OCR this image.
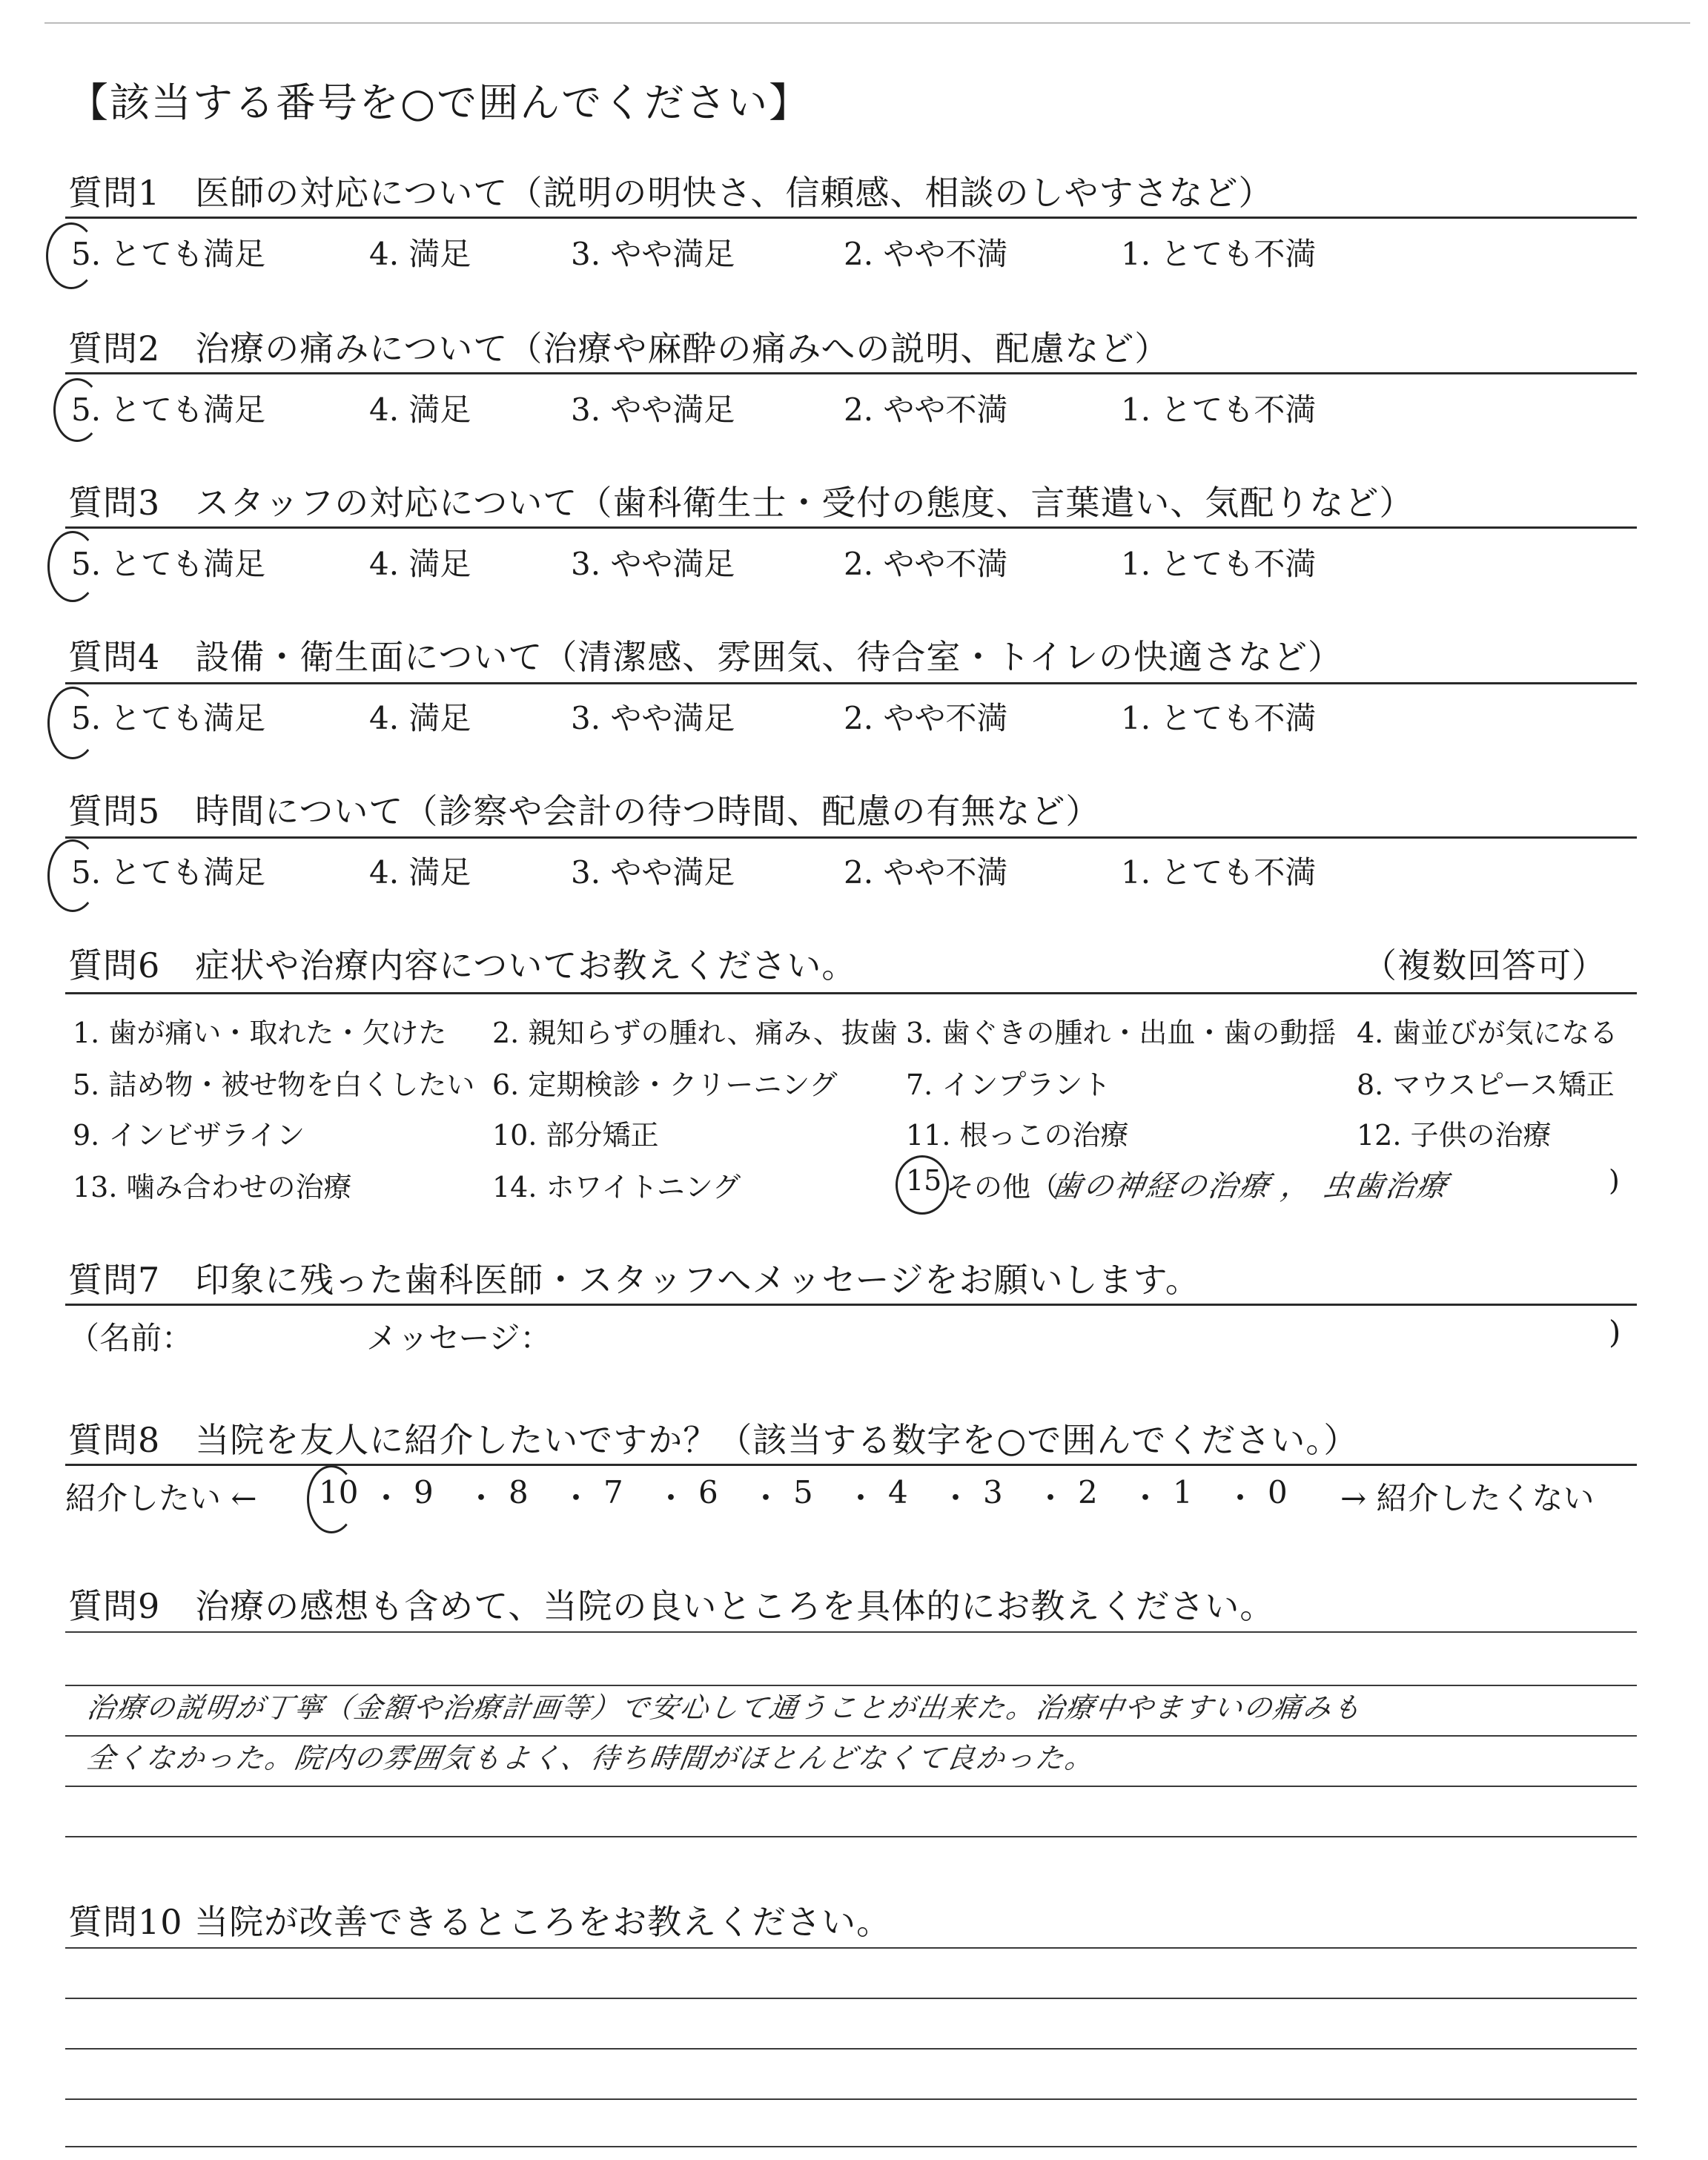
【該当する番号を○で囲んでください】
質問1　医師の対応について（説明の明快さ、信頼感、相談のしやすさなど）
5. とても満足	4. 満足	3. やや満足	2. やや不満	1. とても不満
質問2　治療の痛みについて（治療や麻酔の痛みへの説明、配慮など）
5. とても満足	4. 満足	3. やや満足	2. やや不満	1. とても不満
質問3　スタッフの対応について（歯科衛生士・受付の態度、言葉遣い、気配りなど）
5. とても満足	4. 満足	3. やや満足	2. やや不満	1. とても不満
質問4　設備・衛生面について（清潔感、雰囲気、待合室・トイレの快適さなど）
5. とても満足	4. 満足	3. やや満足	2. やや不満	1. とても不満
質問5　時間について（診察や会計の待つ時間、配慮の有無など）
5. とても満足	4. 満足	3. やや満足	2. やや不満	1. とても不満
質問6　症状や治療内容についてお教えください。	（複数回答可）
1. 歯が痛い・取れた・欠けた 2. 親知らずの腫れ、痛み、抜歯 3. 歯ぐきの腫れ・出血・歯の動揺 4. 歯並びが気になる
5. 詰め物・被せ物を白くしたい 6. 定期検診・クリーニング 7. インプラント	8. マウスピース矯正
9. インビザライン	10. 部分矯正	11. 根っこの治療	12. 子供の治療
13. 噛み合わせの治療	14. ホワイトニング	15 その他（
歯の神経の治療 ， 虫歯治療	)
質問7　印象に残った歯科医師・スタッフへメッセージをお願いします。
（名前：	メッセージ：	)
質問8　当院を友人に紹介したいですか？（該当する数字を○で囲んでください。）
紹介したい ← 10 ・ 9 ・ 8 ・ 7 ・ 6 ・ 5 ・ 4 ・ 3 ・ 2 ・ 1 ・ 0 → 紹介したくない
質問9　治療の感想も含めて、当院の良いところを具体的にお教えください。
治療の説明が丁寧（金額や治療計画等）で安心して通うことが出来た。治療中やますいの痛みも
全くなかった。院内の雰囲気もよく、待ち時間がほとんどなくて良かった。
質問10 当院が改善できるところをお教えください。
